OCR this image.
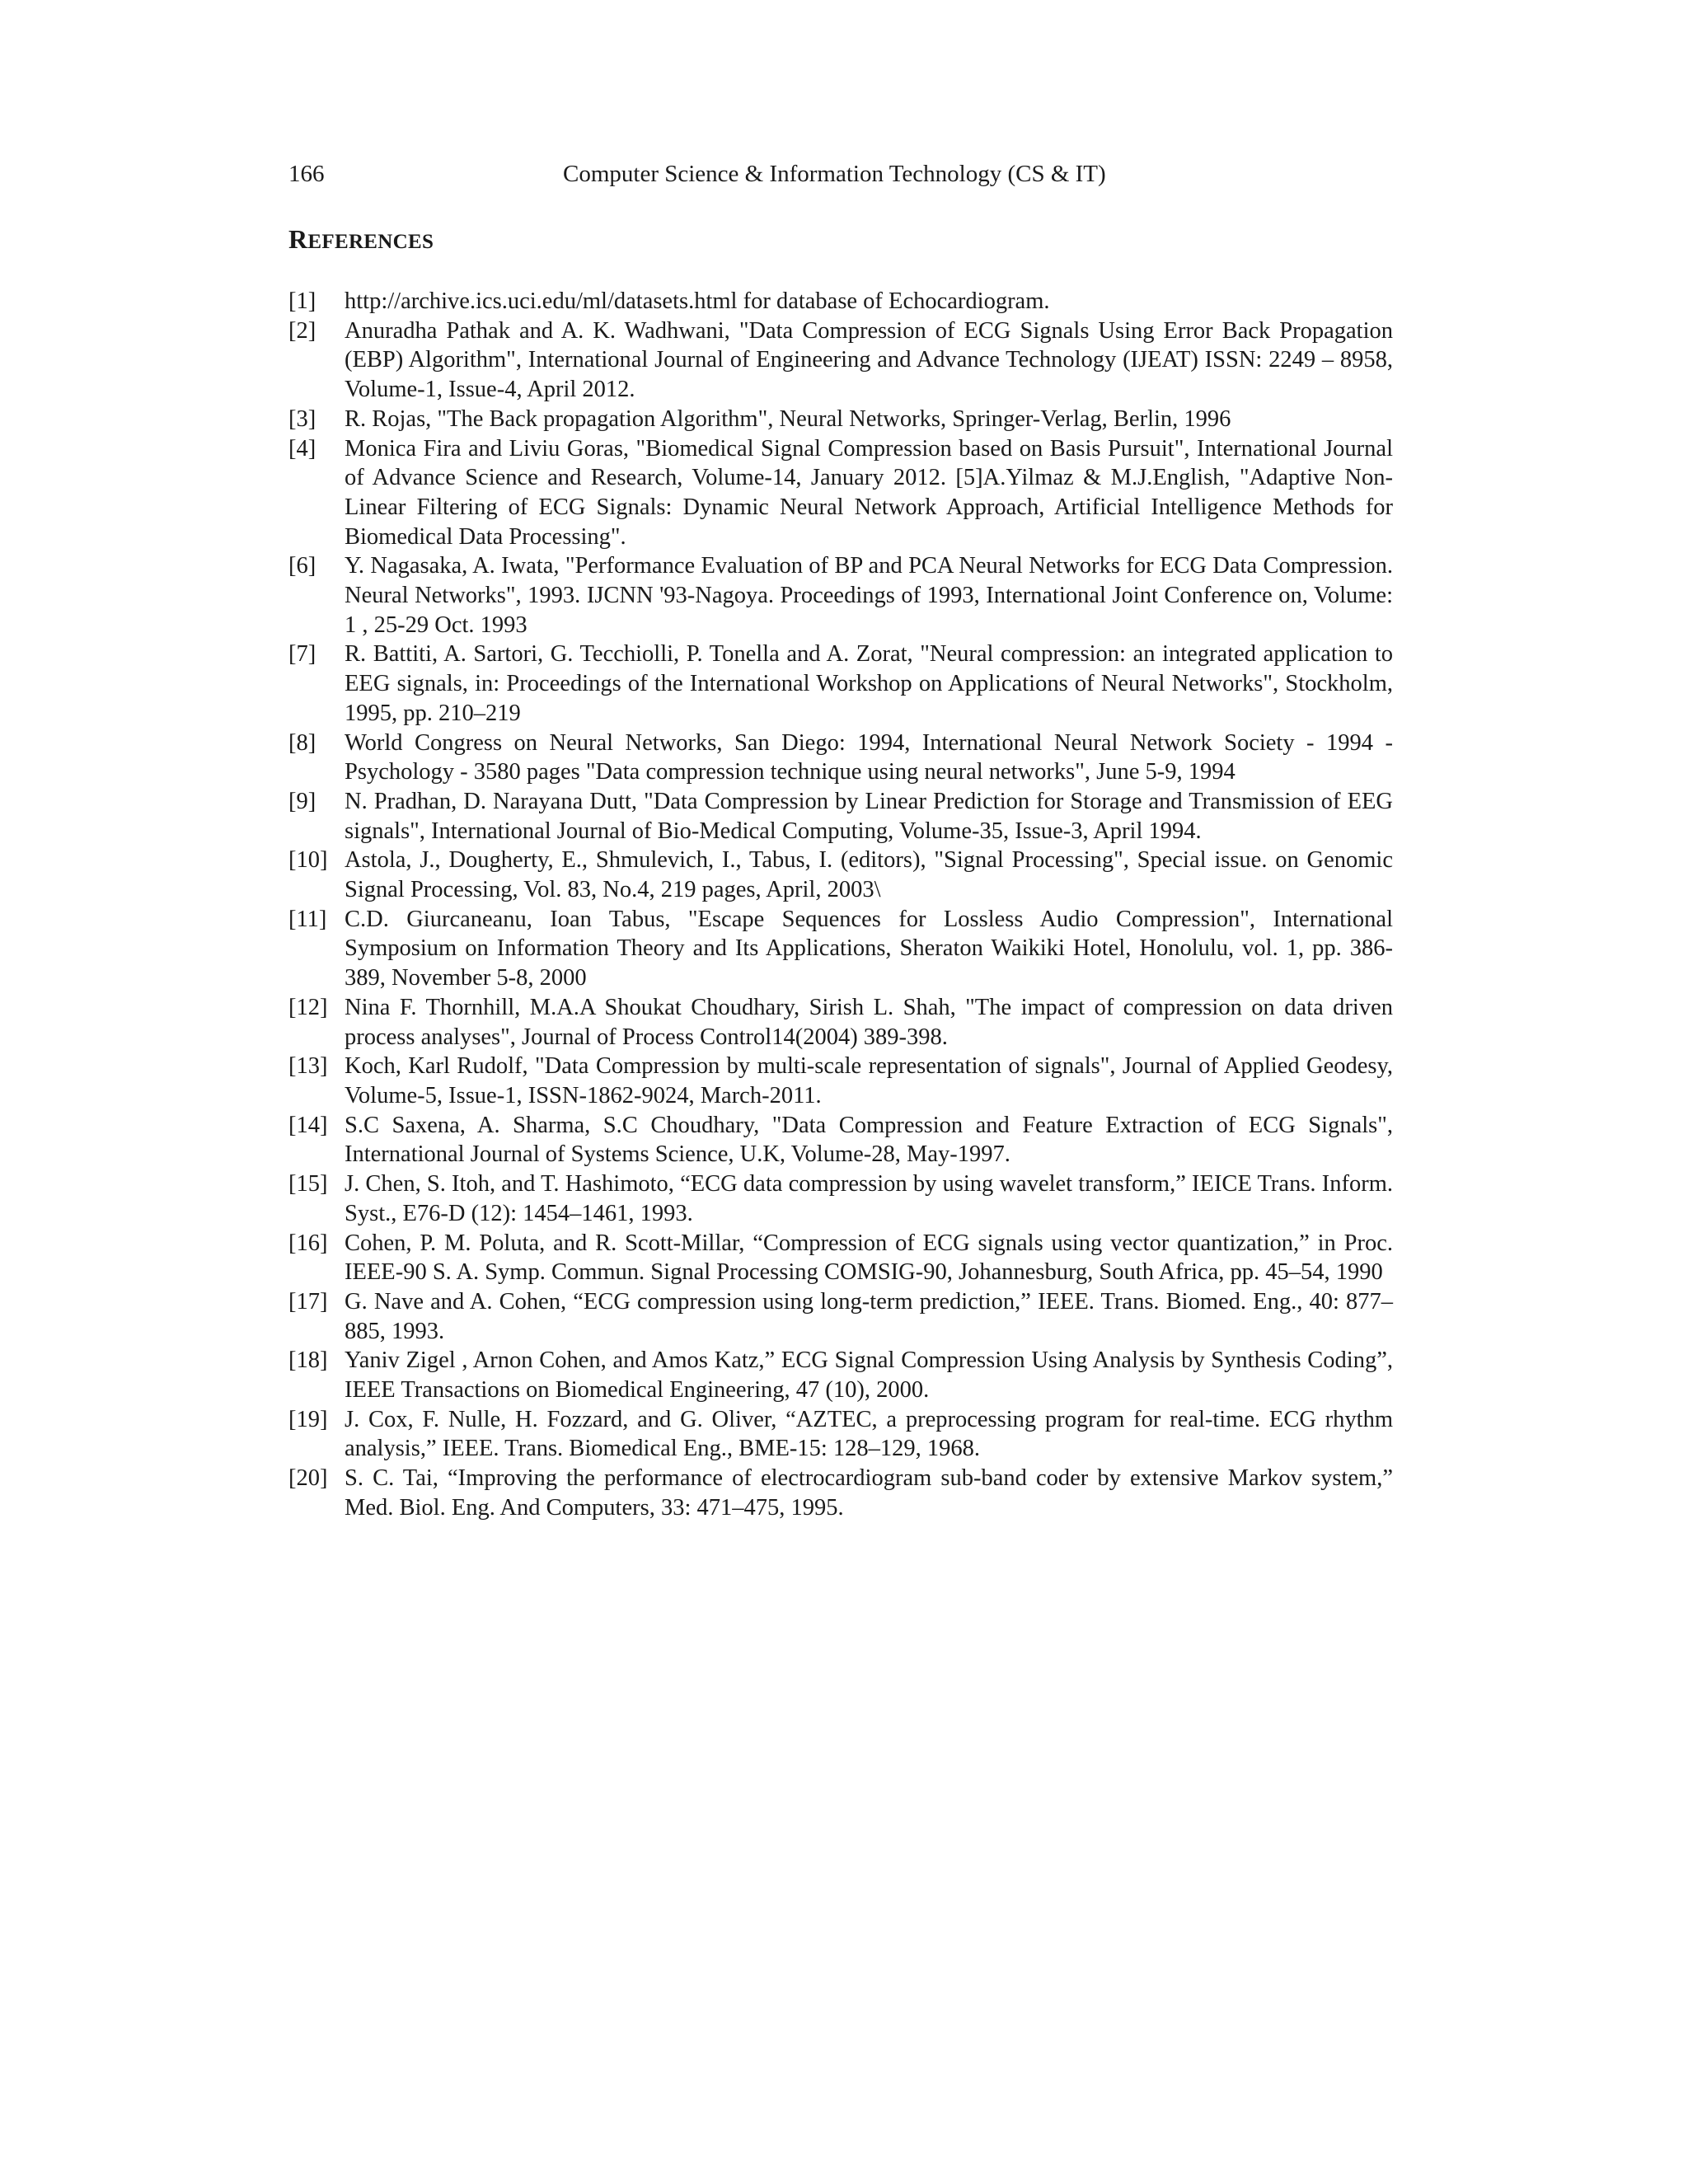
166	Computer Science & Information Technology (CS & IT)
REFERENCES
[1] http://archive.ics.uci.edu/ml/datasets.html for database of Echocardiogram.
[2] Anuradha Pathak and A. K. Wadhwani, "Data Compression of ECG Signals Using Error Back Propagation (EBP) Algorithm", International Journal of Engineering and Advance Technology (IJEAT) ISSN: 2249 – 8958, Volume-1, Issue-4, April 2012.
[3] R. Rojas, "The Back propagation Algorithm", Neural Networks, Springer-Verlag, Berlin, 1996
[4] Monica Fira and Liviu Goras, "Biomedical Signal Compression based on Basis Pursuit", International Journal of Advance Science and Research, Volume-14, January 2012. [5]A.Yilmaz & M.J.English, "Adaptive Non-Linear Filtering of ECG Signals: Dynamic Neural Network Approach, Artificial Intelligence Methods for Biomedical Data Processing".
[6] Y. Nagasaka, A. Iwata, "Performance Evaluation of BP and PCA Neural Networks for ECG Data Compression. Neural Networks", 1993. IJCNN '93-Nagoya. Proceedings of 1993, International Joint Conference on, Volume: 1 , 25-29 Oct. 1993
[7] R. Battiti, A. Sartori, G. Tecchiolli, P. Tonella and A. Zorat, "Neural compression: an integrated application to EEG signals, in: Proceedings of the International Workshop on Applications of Neural Networks", Stockholm, 1995, pp. 210–219
[8] World Congress on Neural Networks, San Diego: 1994, International Neural Network Society - 1994 - Psychology - 3580 pages "Data compression technique using neural networks", June 5-9, 1994
[9] N. Pradhan, D. Narayana Dutt, "Data Compression by Linear Prediction for Storage and Transmission of EEG signals", International Journal of Bio-Medical Computing, Volume-35, Issue-3, April 1994.
[10] Astola, J., Dougherty, E., Shmulevich, I., Tabus, I. (editors), "Signal Processing", Special issue. on Genomic Signal Processing, Vol. 83, No.4, 219 pages, April, 2003\
[11] C.D. Giurcaneanu, Ioan Tabus, "Escape Sequences for Lossless Audio Compression", International Symposium on Information Theory and Its Applications, Sheraton Waikiki Hotel, Honolulu, vol. 1, pp. 386-389, November 5-8, 2000
[12] Nina F. Thornhill, M.A.A Shoukat Choudhary, Sirish L. Shah, "The impact of compression on data driven process analyses", Journal of Process Control14(2004) 389-398.
[13] Koch, Karl Rudolf, "Data Compression by multi-scale representation of signals", Journal of Applied Geodesy, Volume-5, Issue-1, ISSN-1862-9024, March-2011.
[14] S.C Saxena, A. Sharma, S.C Choudhary, "Data Compression and Feature Extraction of ECG Signals", International Journal of Systems Science, U.K, Volume-28, May-1997.
[15] J. Chen, S. Itoh, and T. Hashimoto, “ECG data compression by using wavelet transform,” IEICE Trans. Inform. Syst., E76-D (12): 1454–1461, 1993.
[16] Cohen, P. M. Poluta, and R. Scott-Millar, “Compression of ECG signals using vector quantization,” in Proc. IEEE-90 S. A. Symp. Commun. Signal Processing COMSIG-90, Johannesburg, South Africa, pp. 45–54, 1990
[17] G. Nave and A. Cohen, “ECG compression using long-term prediction,” IEEE. Trans. Biomed. Eng., 40: 877–885, 1993.
[18] Yaniv Zigel , Arnon Cohen, and Amos Katz,” ECG Signal Compression Using Analysis by Synthesis Coding”, IEEE Transactions on Biomedical Engineering, 47 (10), 2000.
[19] J. Cox, F. Nulle, H. Fozzard, and G. Oliver, “AZTEC, a preprocessing program for real-time. ECG rhythm analysis,” IEEE. Trans. Biomedical Eng., BME-15: 128–129, 1968.
[20] S. C. Tai, “Improving the performance of electrocardiogram sub-band coder by extensive Markov system,” Med. Biol. Eng. And Computers, 33: 471–475, 1995.
